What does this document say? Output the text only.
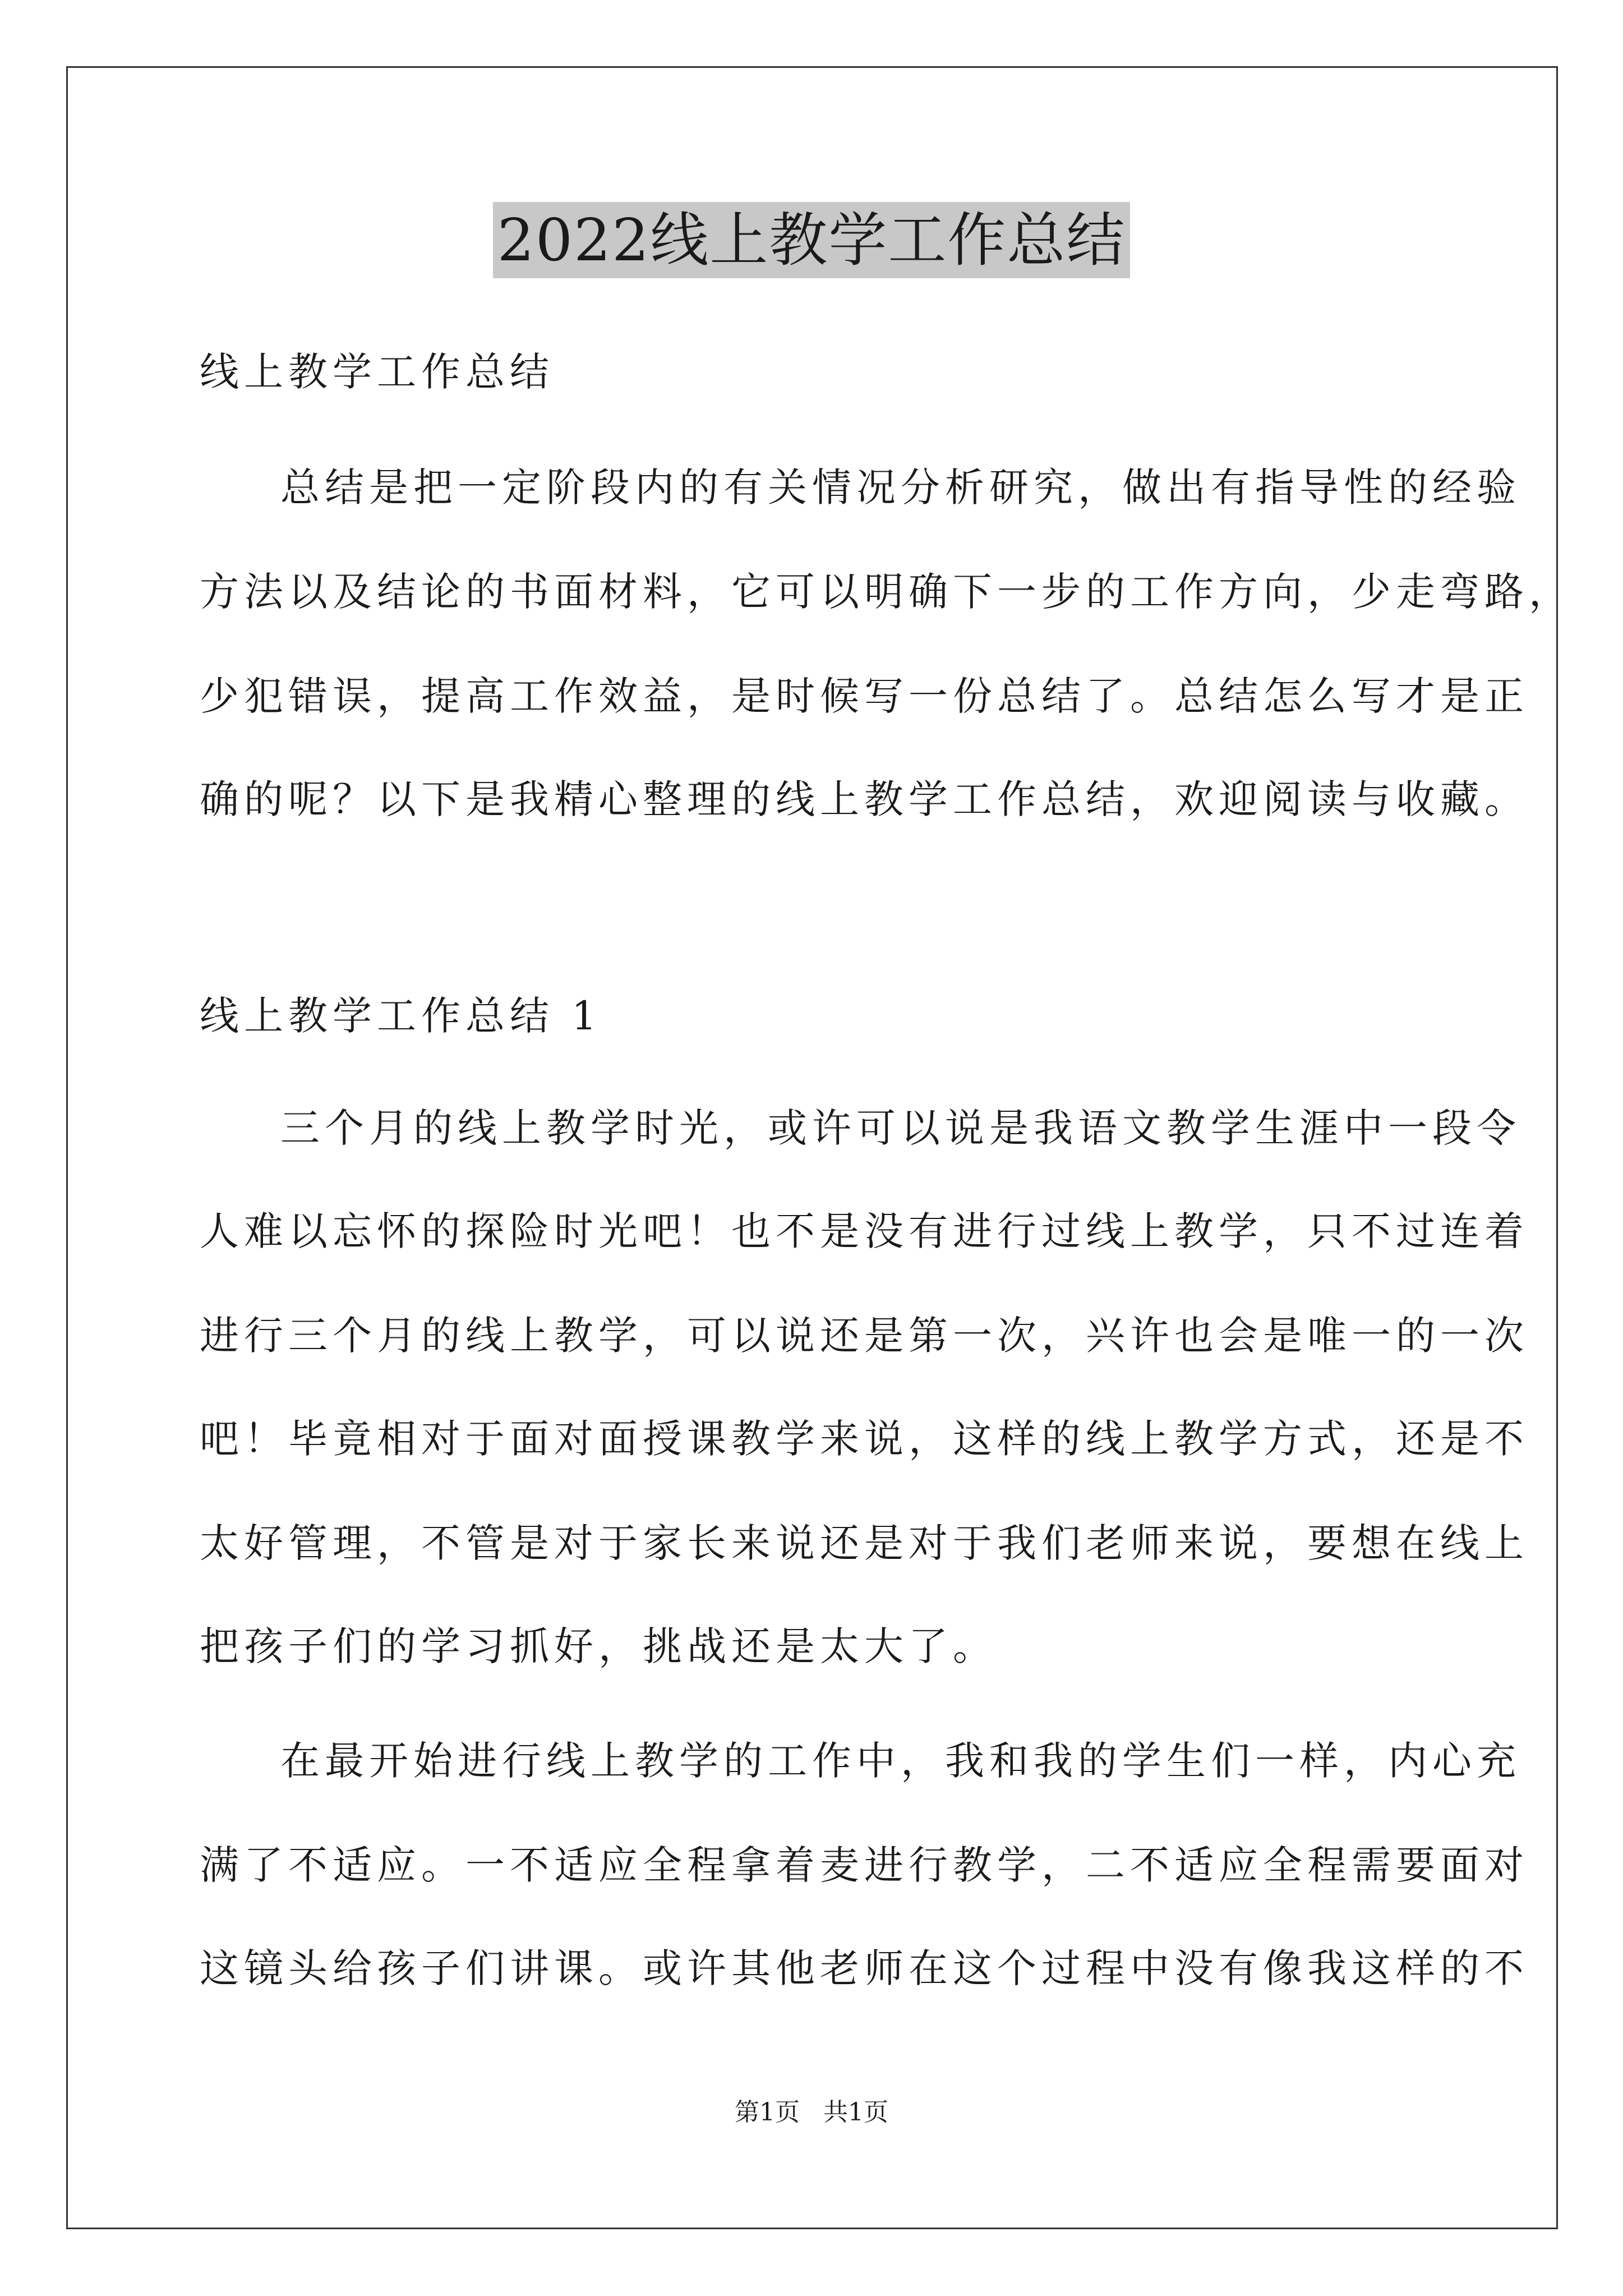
2022线上教学工作总结
线上教学工作总结
总结是把一定阶段内的有关情况分析研究，做出有指导性的经验
方法以及结论的书面材料，它可以明确下一步的工作方向，少走弯路，
少犯错误，提高工作效益，是时候写一份总结了。总结怎么写才是正
确的呢？以下是我精心整理的线上教学工作总结，欢迎阅读与收藏。
线上教学工作总结 1
三个月的线上教学时光，或许可以说是我语文教学生涯中一段令
人难以忘怀的探险时光吧！也不是没有进行过线上教学，只不过连着
进行三个月的线上教学，可以说还是第一次，兴许也会是唯一的一次
吧！毕竟相对于面对面授课教学来说，这样的线上教学方式，还是不
太好管理，不管是对于家长来说还是对于我们老师来说，要想在线上
把孩子们的学习抓好，挑战还是太大了。
在最开始进行线上教学的工作中，我和我的学生们一样，内心充
满了不适应。一不适应全程拿着麦进行教学，二不适应全程需要面对
这镜头给孩子们讲课。或许其他老师在这个过程中没有像我这样的不
第1页   共1页
